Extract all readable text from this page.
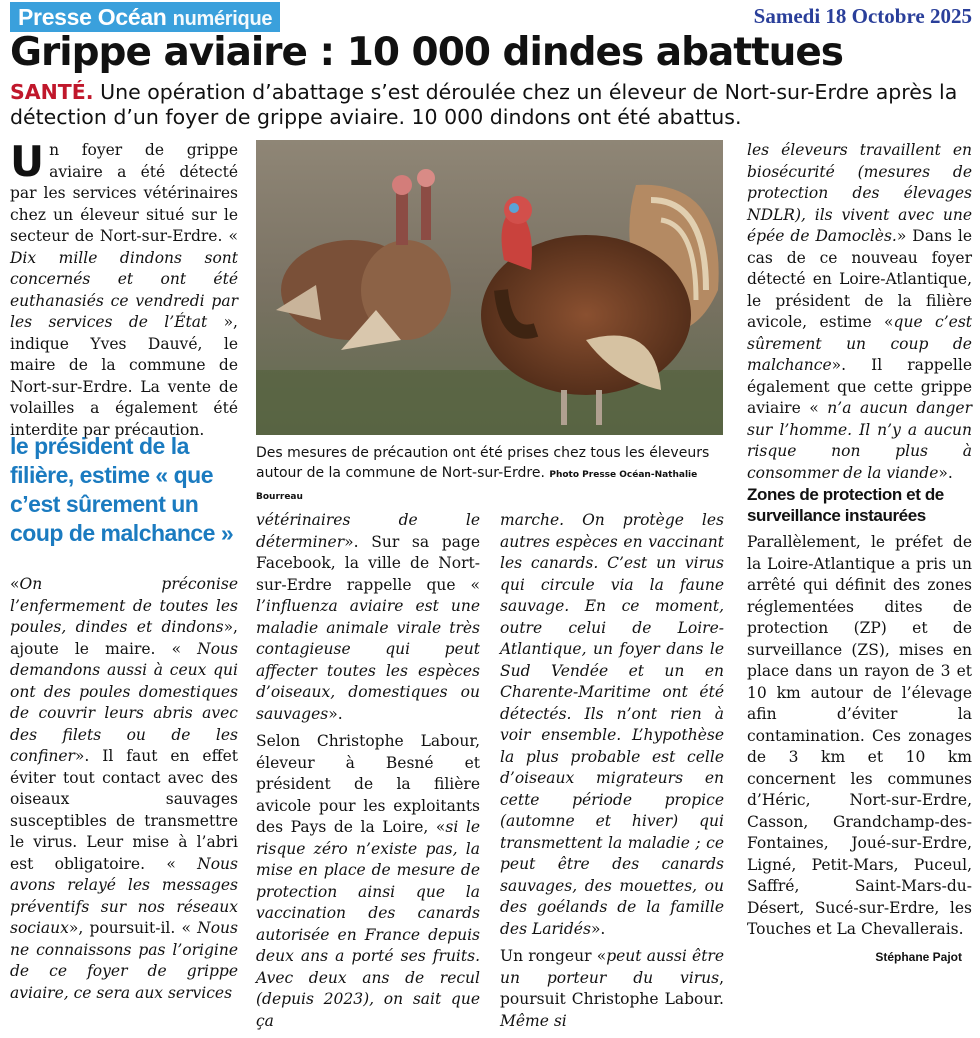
Presse Océan numérique	Samedi 18 Octobre 2025
Grippe aviaire : 10 000 dindes abattues
SANTÉ. Une opération d’abattage s’est déroulée chez un éleveur de Nort-sur-Erdre après la détection d’un foyer de grippe aviaire. 10 000 dindons ont été abattus.

Un foyer de grippe aviaire a été détecté par les services vétérinaires chez un éleveur situé sur le secteur de Nort-sur-Erdre. « Dix mille dindons sont concernés et ont été euthanasiés ce vendredi par les services de l’État », indique Yves Dauvé, le maire de la commune de Nort-sur-Erdre. La vente de volailles a également été interdite par précaution.

le président de la filière, estime « que c’est sûrement un coup de malchance »

«On préconise l’enfermement de toutes les poules, dindes et dindons», ajoute le maire. « Nous demandons aussi à ceux qui ont des poules domestiques de couvrir leurs abris avec des filets ou de les confiner». Il faut en effet éviter tout contact avec des oiseaux sauvages susceptibles de transmettre le virus. Leur mise à l’abri est obligatoire. « Nous avons relayé les messages préventifs sur nos réseaux sociaux», poursuit-il. « Nous ne connaissons pas l’origine de ce foyer de grippe aviaire, ce sera aux services

Des mesures de précaution ont été prises chez tous les éleveurs autour de la commune de Nort-sur-Erdre. Photo Presse Océan-Nathalie Bourreau

vétérinaires de le déterminer». Sur sa page Facebook, la ville de Nort-sur-Erdre rappelle que « l’influenza aviaire est une maladie animale virale très contagieuse qui peut affecter toutes les espèces d’oiseaux, domestiques ou sauvages».

Selon Christophe Labour, éleveur à Besné et président de la filière avicole pour les exploitants des Pays de la Loire, «si le risque zéro n’existe pas, la mise en place de mesure de protection ainsi que la vaccination des canards autorisée en France depuis deux ans a porté ses fruits. Avec deux ans de recul (depuis 2023), on sait que ça

marche. On protège les autres espèces en vaccinant les canards. C’est un virus qui circule via la faune sauvage. En ce moment, outre celui de Loire-Atlantique, un foyer dans le Sud Vendée et un en Charente-Maritime ont été détectés. Ils n’ont rien à voir ensemble. L’hypothèse la plus probable est celle d’oiseaux migrateurs en cette période propice (automne et hiver) qui transmettent la maladie ; ce peut être des canards sauvages, des mouettes, ou des goélands de la famille des Laridés».

Un rongeur «peut aussi être un porteur du virus, poursuit Christophe Labour. Même si

les éleveurs travaillent en biosécurité (mesures de protection des élevages NDLR), ils vivent avec une épée de Damoclès.» Dans le cas de ce nouveau foyer détecté en Loire-Atlantique, le président de la filière avicole, estime «que c’est sûrement un coup de malchance». Il rappelle également que cette grippe aviaire « n’a aucun danger sur l’homme. Il n’y a aucun risque non plus à consommer de la viande».

Zones de protection et de surveillance instaurées

Parallèlement, le préfet de la Loire-Atlantique a pris un arrêté qui définit des zones réglementées dites de protection (ZP) et de surveillance (ZS), mises en place dans un rayon de 3 et 10 km autour de l’élevage afin d’éviter la contamination. Ces zonages de 3 km et 10 km concernent les communes d’Héric, Nort-sur-Erdre, Casson, Grandchamp-des-Fontaines, Joué-sur-Erdre, Ligné, Petit-Mars, Puceul, Saffré, Saint-Mars-du-Désert, Sucé-sur-Erdre, les Touches et La Chevallerais.

Stéphane Pajot
